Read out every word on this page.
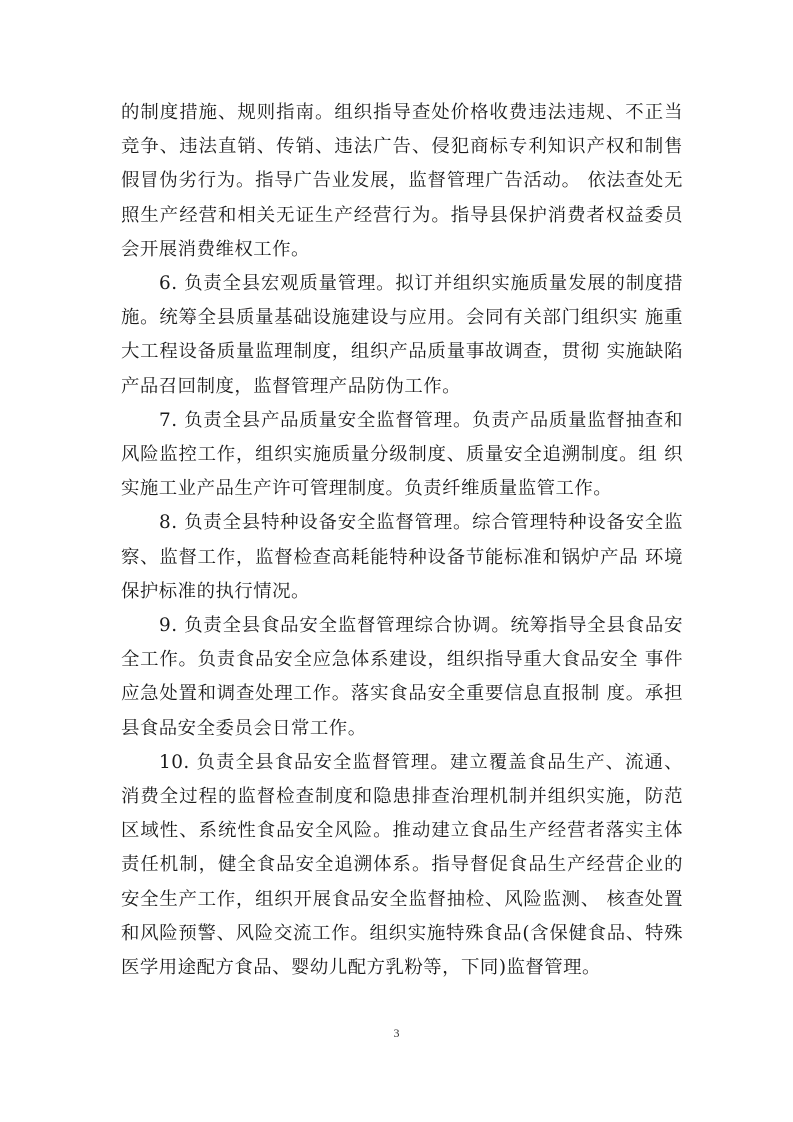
的制度措施、规则指南。组织指导查处价格收费违法违规、不正当竞争、违法直销、传销、违法广告、侵犯商标专利知识产权和制售假冒伪劣行为。指导广告业发展，监督管理广告活动。 依法查处无照生产经营和相关无证生产经营行为。指导县保护消费者权益委员会开展消费维权工作。

6. 负责全县宏观质量管理。拟订并组织实施质量发展的制度措 施。统筹全县质量基础设施建设与应用。会同有关部门组织实 施重大工程设备质量监理制度，组织产品质量事故调查，贯彻 实施缺陷产品召回制度，监督管理产品防伪工作。

7. 负责全县产品质量安全监督管理。负责产品质量监督抽查和 风险监控工作，组织实施质量分级制度、质量安全追溯制度。组 织实施工业产品生产许可管理制度。负责纤维质量监管工作。

8. 负责全县特种设备安全监督管理。综合管理特种设备安全监 察、监督工作，监督检查高耗能特种设备节能标准和锅炉产品 环境保护标准的执行情况。

9. 负责全县食品安全监督管理综合协调。统筹指导全县食品安 全工作。负责食品安全应急体系建设，组织指导重大食品安全 事件应急处置和调查处理工作。落实食品安全重要信息直报制 度。承担县食品安全委员会日常工作。

10. 负责全县食品安全监督管理。建立覆盖食品生产、流通、消费全过程的监督检查制度和隐患排查治理机制并组织实施，防范区域性、系统性食品安全风险。推动建立食品生产经营者落实主体责任机制，健全食品安全追溯体系。指导督促食品生产经营企业的安全生产工作，组织开展食品安全监督抽检、风险监测、 核查处置和风险预警、风险交流工作。组织实施特殊食品(含保健食品、特殊医学用途配方食品、婴幼儿配方乳粉等，下同)监督管理。

3
